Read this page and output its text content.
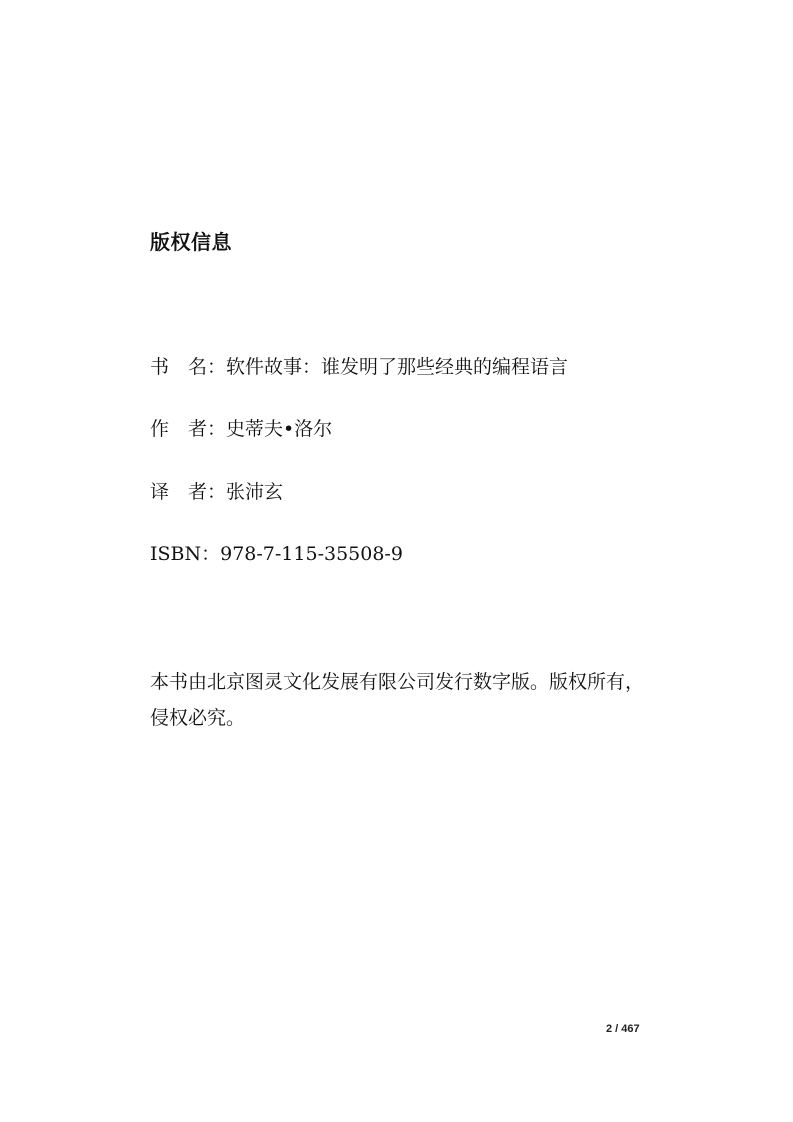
版权信息
书　名：软件故事：谁发明了那些经典的编程语言
作　者：史蒂夫•洛尔
译　者：张沛玄
ISBN：978-7-115-35508-9
本书由北京图灵文化发展有限公司发行数字版。版权所有，侵权必究。
2 / 467
